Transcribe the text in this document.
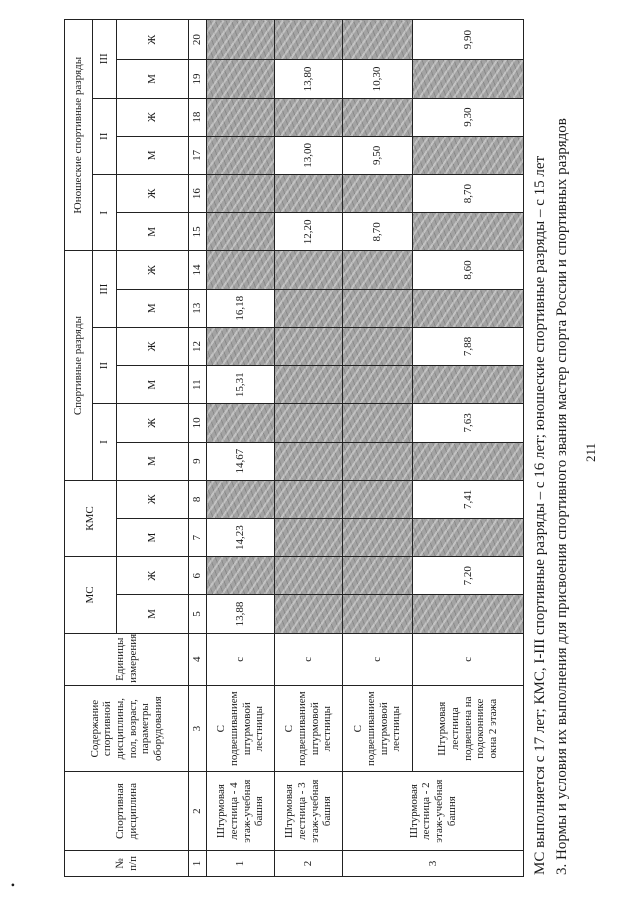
211
3. Нормы и условия их выполнения для присвоения спортивного звания мастер спорта России и спортивных разрядов
МС выполняется с 17 лет; КМС, I-III спортивные разряды – с 16 лет; юношеские спортивные разряды – с 15 лет
№ п/п	Спортивная дисциплина	Содержание спортивной дисциплины, пол, возраст, параметры оборудования	Единицы измерения	МС		КМС		Спортивные разряды						Юношеские спортивные разряды					
								I		II		III		I		II		III	
				М	Ж	М	Ж	М	Ж	М	Ж	М	Ж	М	Ж	М	Ж	М	Ж
1	2	3	4	5	6	7	8	9	10	11	12	13	14	15	16	17	18	19	20
1	Штурмовая лестница - 4 этаж-учебная башня	С подвешиванием штурмовой лестницы	с	13,88		14,23		14,67		15,31		16,18							
2	Штурмовая лестница - 3 этаж-учебная башня	С подвешиванием штурмовой лестницы	с											12,20		13,00		13,80	
3	Штурмовая лестница - 2 этаж-учебная башня	С подвешиванием штурмовой лестницы	с											8,70		9,50		10,30	
		Штурмовая лестница подвешена на подоконнике окна 2 этажа	с		7,20		7,41		7,63		7,88		8,60		8,70		9,30		9,90
•
